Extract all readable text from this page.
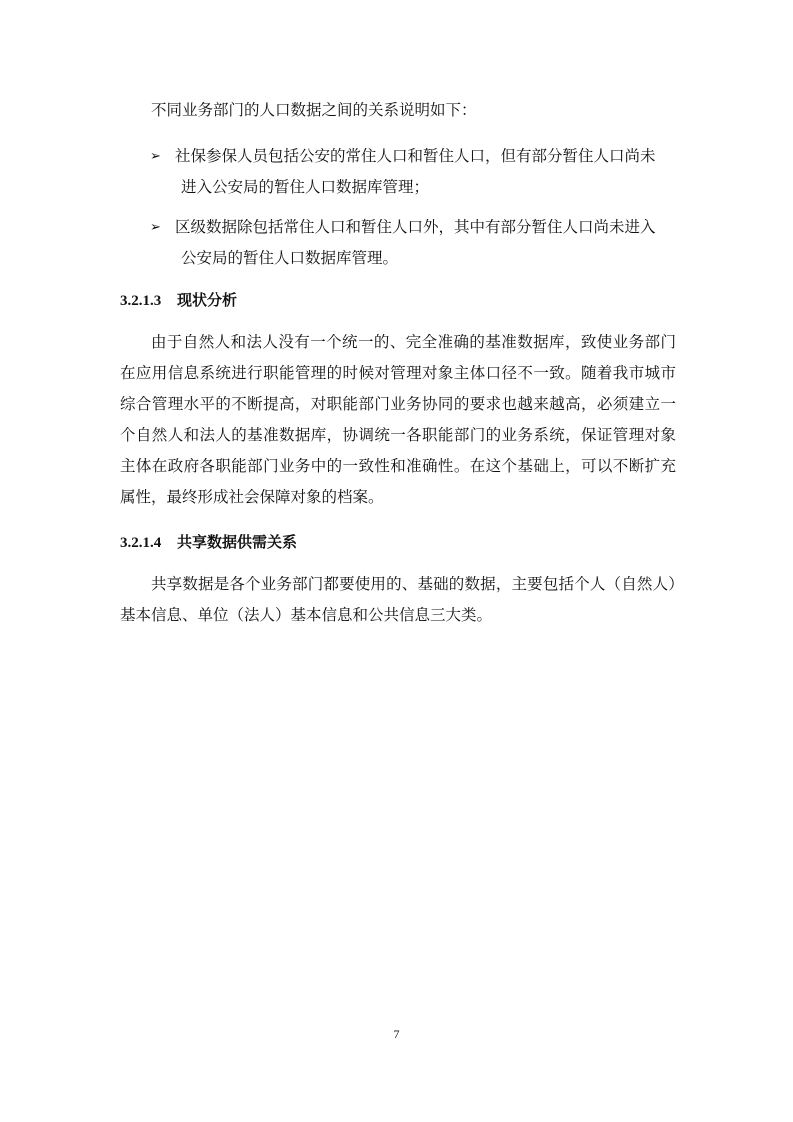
不同业务部门的人口数据之间的关系说明如下：

➢ 社保参保人员包括公安的常住人口和暂住人口，但有部分暂住人口尚未
进入公安局的暂住人口数据库管理；
➢ 区级数据除包括常住人口和暂住人口外，其中有部分暂住人口尚未进入
公安局的暂住人口数据库管理。
3.2.1.3 现状分析

由于自然人和法人没有一个统一的、完全准确的基准数据库，致使业务部门在应用信息系统进行职能管理的时候对管理对象主体口径不一致。随着我市城市综合管理水平的不断提高，对职能部门业务协同的要求也越来越高，必须建立一个自然人和法人的基准数据库，协调统一各职能部门的业务系统，保证管理对象主体在政府各职能部门业务中的一致性和准确性。在这个基础上，可以不断扩充属性，最终形成社会保障对象的档案。

3.2.1.4 共享数据供需关系

共享数据是各个业务部门都要使用的、基础的数据，主要包括个人（自然人）基本信息、单位（法人）基本信息和公共信息三大类。

7
